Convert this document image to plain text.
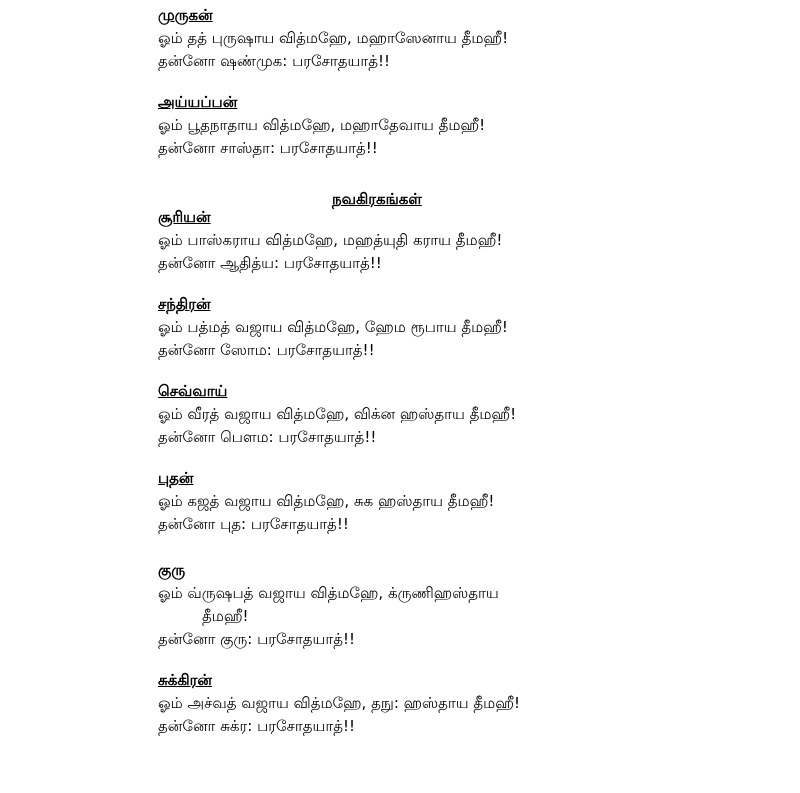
முருகன்
ஓம் தத் புருஷாய வித்மஹே, மஹாஸேனாய தீமஹீ!
தன்னோ ஷண்முக: பரசோதயாத்!!
அய்யப்பன்
ஓம் பூதநாதாய வித்மஹே, மஹாதேவாய தீமஹீ!
தன்னோ சாஸ்தா: பரசோதயாத்!!
நவகிரகங்கள்
சூரியன்
ஓம் பாஸ்கராய வித்மஹே, மஹத்யுதி கராய தீமஹீ!
தன்னோ ஆதித்ய: பரசோதயாத்!!
சந்திரன்
ஓம் பத்மத் வஜாய வித்மஹே, ஹேம ரூபாய தீமஹீ!
தன்னோ ஸோம: பரசோதயாத்!!
செவ்வாய்
ஓம் வீரத் வஜாய வித்மஹே, விக்ன ஹஸ்தாய தீமஹீ!
தன்னோ பௌம: பரசோதயாத்!!
புதன்
ஓம் கஜத் வஜாய வித்மஹே, சுக ஹஸ்தாய தீமஹீ!
தன்னோ புத: பரசோதயாத்!!
குரு
ஓம் வ்ருஷபத் வஜாய வித்மஹே, க்ருணிஹஸ்தாய
தீமஹீ!
தன்னோ குரு: பரசோதயாத்!!
சுக்கிரன்
ஓம் அச்வத் வஜாய வித்மஹே, தநு: ஹஸ்தாய தீமஹீ!
தன்னோ சுக்ர: பரசோதயாத்!!
